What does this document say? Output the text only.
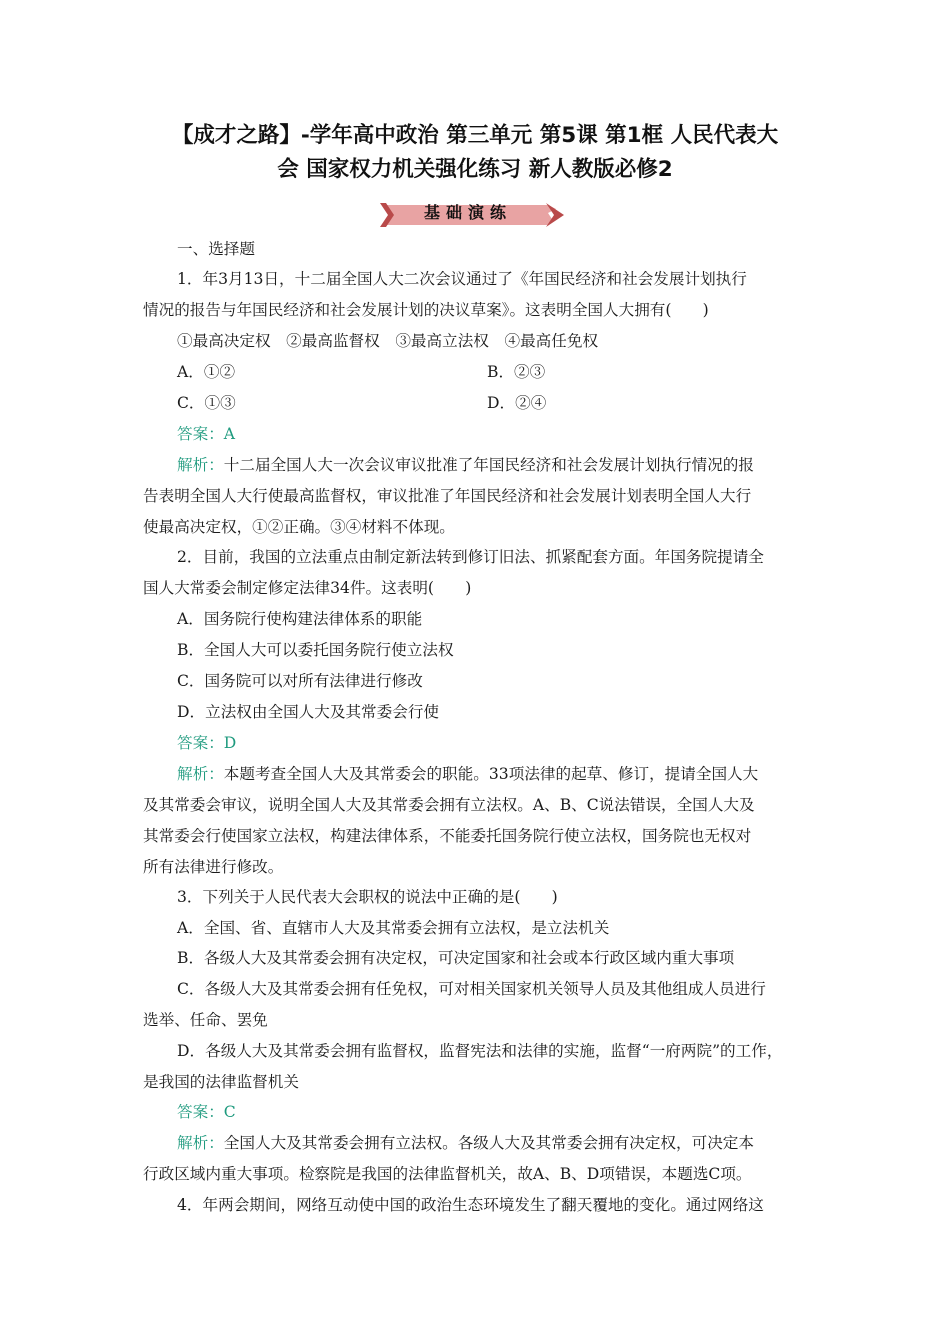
【成才之路】-学年高中政治 第三单元 第5课 第1框 人民代表大
会 国家权力机关强化练习 新人教版必修2
基础演练
一、选择题
1．年3月13日，十二届全国人大二次会议通过了《年国民经济和社会发展计划执行
情况的报告与年国民经济和社会发展计划的决议草案》。这表明全国人大拥有(　　)
①最高决定权　②最高监督权　③最高立法权　④最高任免权
A．①②	B．②③
C．①③	D．②④
答案：A
解析：十二届全国人大一次会议审议批准了年国民经济和社会发展计划执行情况的报
告表明全国人大行使最高监督权，审议批准了年国民经济和社会发展计划表明全国人大行
使最高决定权，①②正确。③④材料不体现。
2．目前，我国的立法重点由制定新法转到修订旧法、抓紧配套方面。年国务院提请全
国人大常委会制定修定法律34件。这表明(　　)
A．国务院行使构建法律体系的职能
B．全国人大可以委托国务院行使立法权
C．国务院可以对所有法律进行修改
D．立法权由全国人大及其常委会行使
答案：D
解析：本题考查全国人大及其常委会的职能。33项法律的起草、修订，提请全国人大
及其常委会审议，说明全国人大及其常委会拥有立法权。A、B、C说法错误，全国人大及
其常委会行使国家立法权，构建法律体系，不能委托国务院行使立法权，国务院也无权对
所有法律进行修改。
3．下列关于人民代表大会职权的说法中正确的是(　　)
A．全国、省、直辖市人大及其常委会拥有立法权，是立法机关
B．各级人大及其常委会拥有决定权，可决定国家和社会或本行政区域内重大事项
C．各级人大及其常委会拥有任免权，可对相关国家机关领导人员及其他组成人员进行
选举、任命、罢免
D．各级人大及其常委会拥有监督权，监督宪法和法律的实施，监督“一府两院”的工作，
是我国的法律监督机关
答案：C
解析：全国人大及其常委会拥有立法权。各级人大及其常委会拥有决定权，可决定本
行政区域内重大事项。检察院是我国的法律监督机关，故A、B、D项错误，本题选C项。
4．年两会期间，网络互动使中国的政治生态环境发生了翻天覆地的变化。通过网络这
